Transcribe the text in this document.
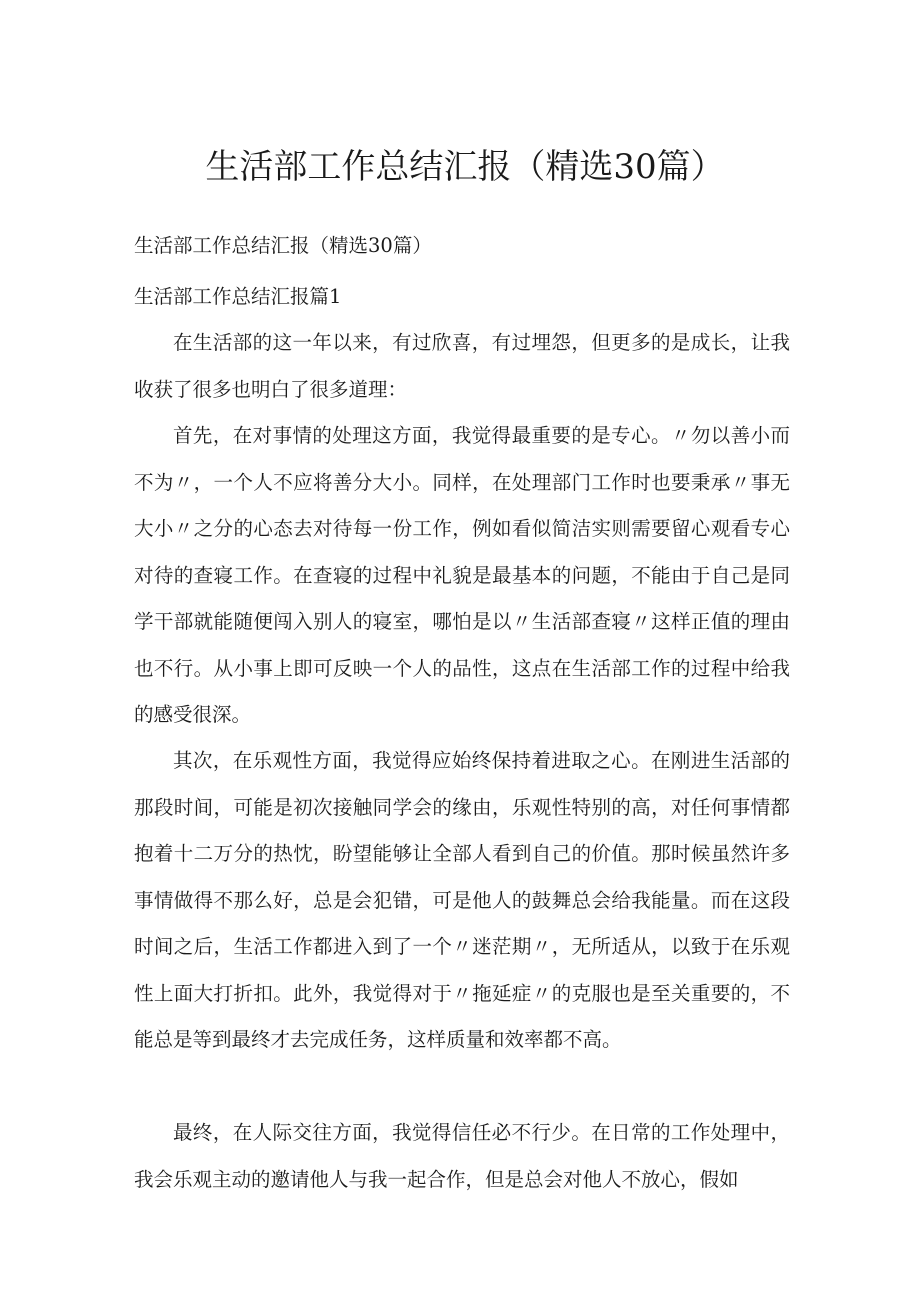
生活部工作总结汇报（精选30篇）

生活部工作总结汇报（精选30篇）

生活部工作总结汇报篇1

在生活部的这一年以来，有过欣喜，有过埋怨，但更多的是成长，让我收获了很多也明白了很多道理：

首先，在对事情的处理这方面，我觉得最重要的是专心。〃勿以善小而不为〃，一个人不应将善分大小。同样，在处理部门工作时也要秉承〃事无大小〃之分的心态去对待每一份工作，例如看似简洁实则需要留心观看专心对待的查寝工作。在查寝的过程中礼貌是最基本的问题，不能由于自己是同学干部就能随便闯入别人的寝室，哪怕是以〃生活部查寝〃这样正值的理由也不行。从小事上即可反映一个人的品性，这点在生活部工作的过程中给我的感受很深。

其次，在乐观性方面，我觉得应始终保持着进取之心。在刚进生活部的那段时间，可能是初次接触同学会的缘由，乐观性特别的高，对任何事情都抱着十二万分的热忱，盼望能够让全部人看到自己的价值。那时候虽然许多事情做得不那么好，总是会犯错，可是他人的鼓舞总会给我能量。而在这段时间之后，生活工作都进入到了一个〃迷茫期〃，无所适从，以致于在乐观性上面大打折扣。此外，我觉得对于〃拖延症〃的克服也是至关重要的，不能总是等到最终才去完成任务，这样质量和效率都不高。

最终，在人际交往方面，我觉得信任必不行少。在日常的工作处理中，我会乐观主动的邀请他人与我一起合作，但是总会对他人不放心，假如
